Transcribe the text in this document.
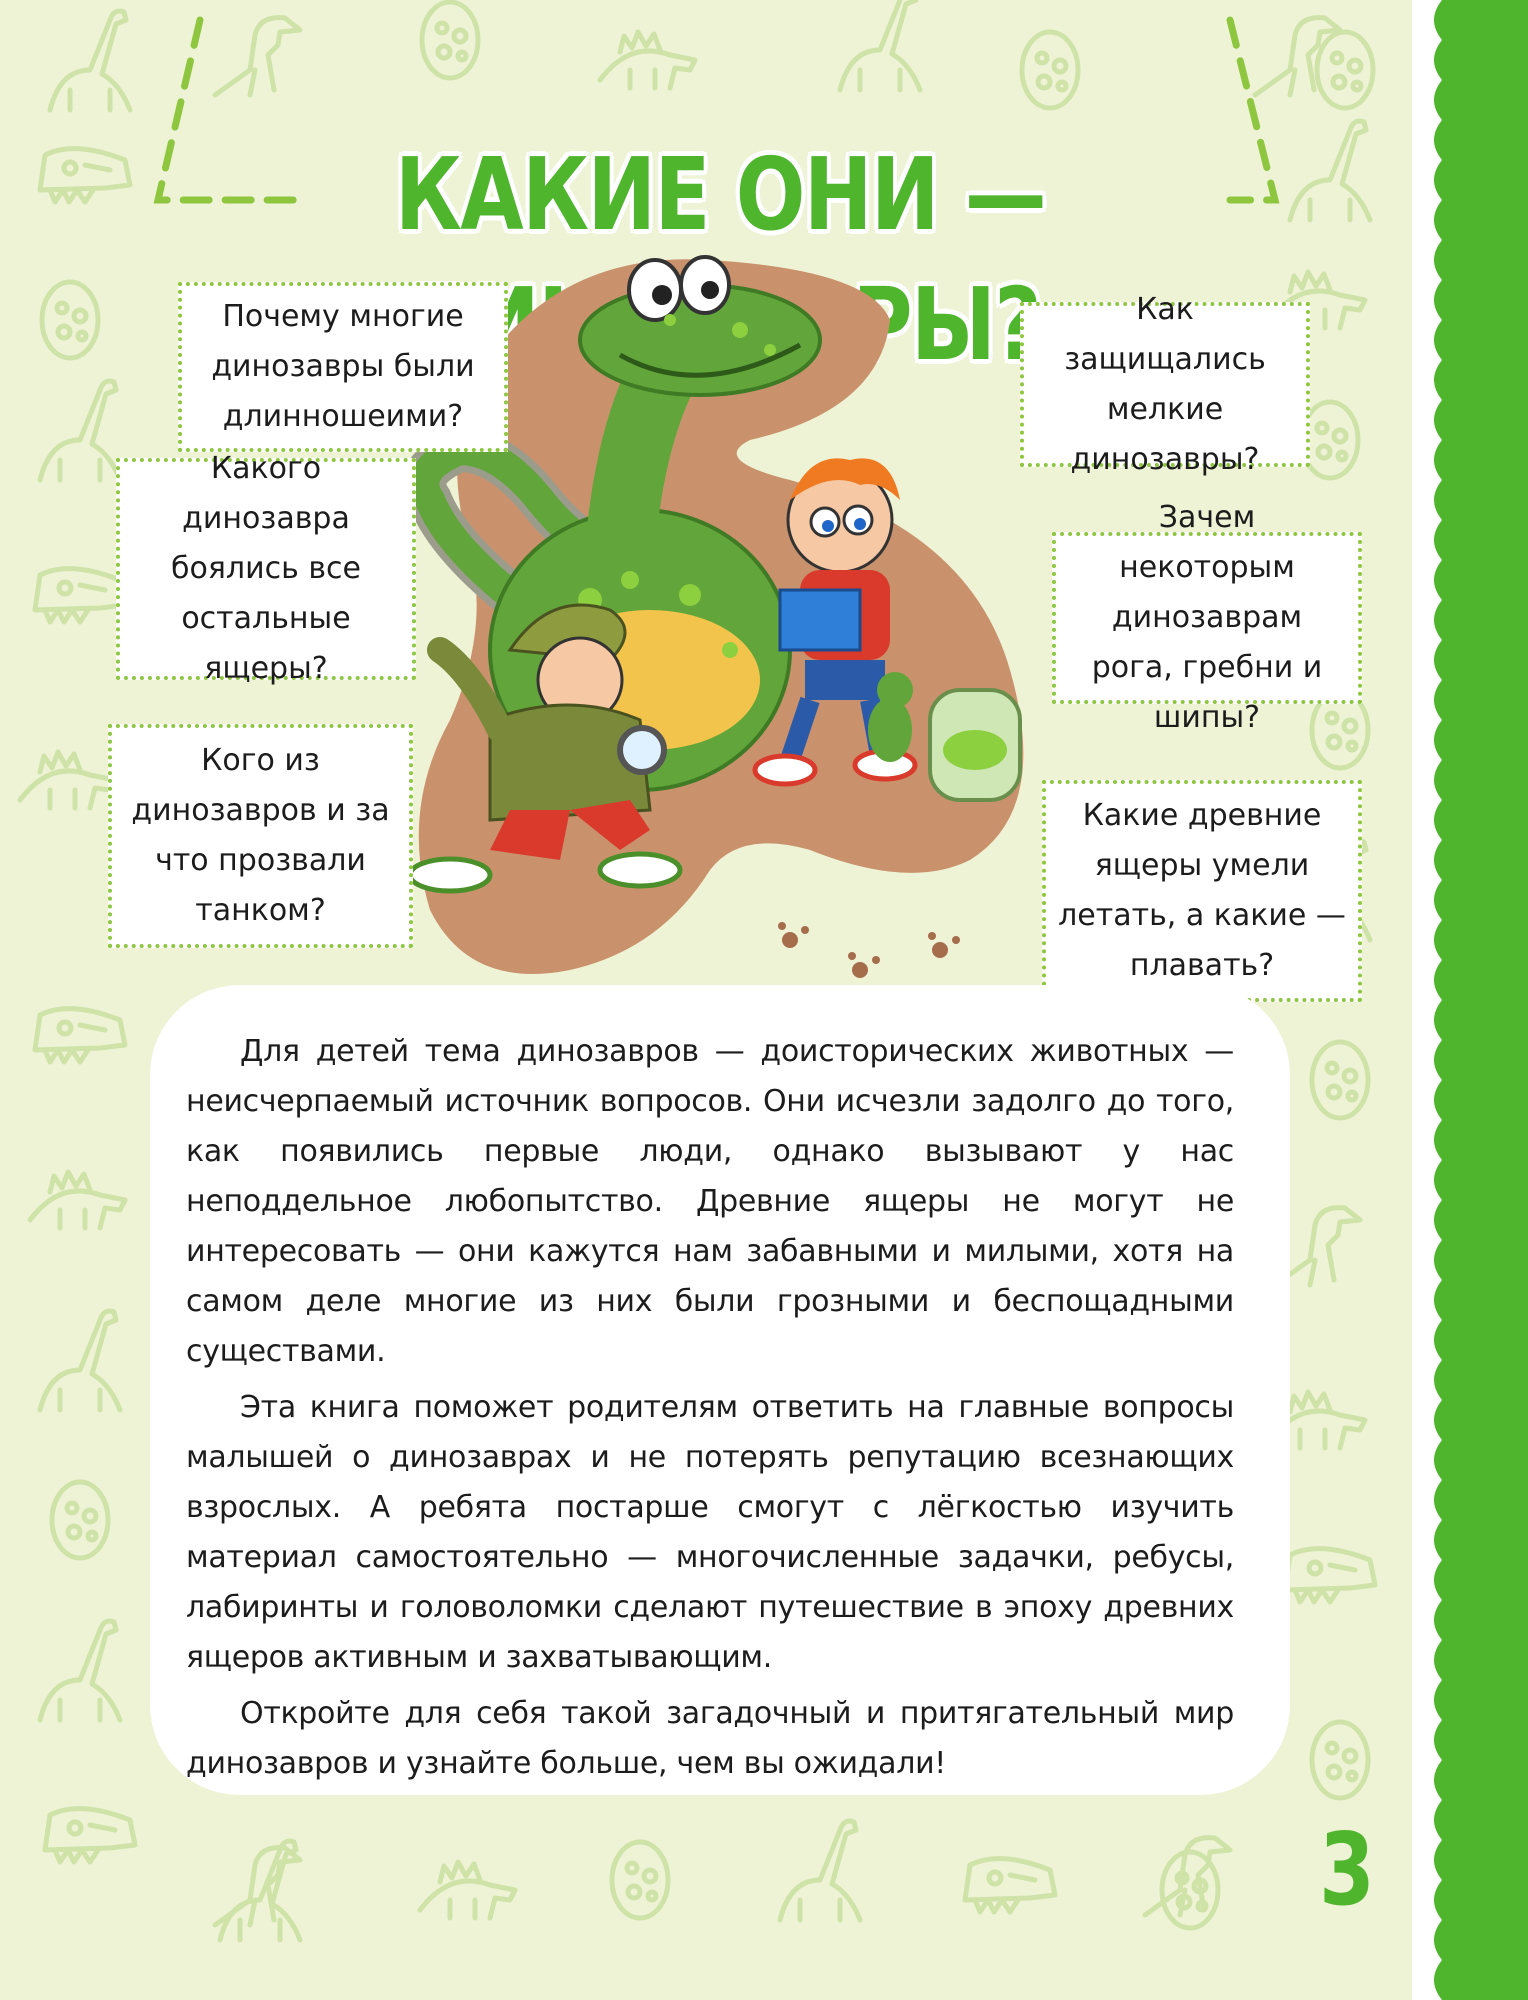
КАКИЕ ОНИ —
Почему многие динозавры были длинношеими?
Какого динозавра боялись все остальные ящеры?
Кого из динозавров и за что прозвали танком?
Как защищались мелкие динозавры?
Зачем некоторым динозаврам рога, гребни и шипы?
Какие древние ящеры умели летать, а какие — плавать?

Для детей тема динозавров — доисторических животных — неисчерпаемый источник вопросов. Они исчезли задолго до того, как появились первые люди, однако вызывают у нас неподдельное любопытство. Древние ящеры не могут не интересовать — они кажутся нам забавными и милыми, хотя на самом деле многие из них были грозными и беспощадными существами.

Эта книга поможет родителям ответить на главные вопросы малышей о динозаврах и не потерять репутацию всезнающих взрослых. А ребята постарше смогут с лёгкостью изучить материал самостоятельно — многочисленные задачки, ребусы, лабиринты и головоломки сделают путешествие в эпоху древних ящеров активным и захватывающим.

Откройте для себя такой загадочный и притягательный мир динозавров и узнайте больше, чем вы ожидали!

3
